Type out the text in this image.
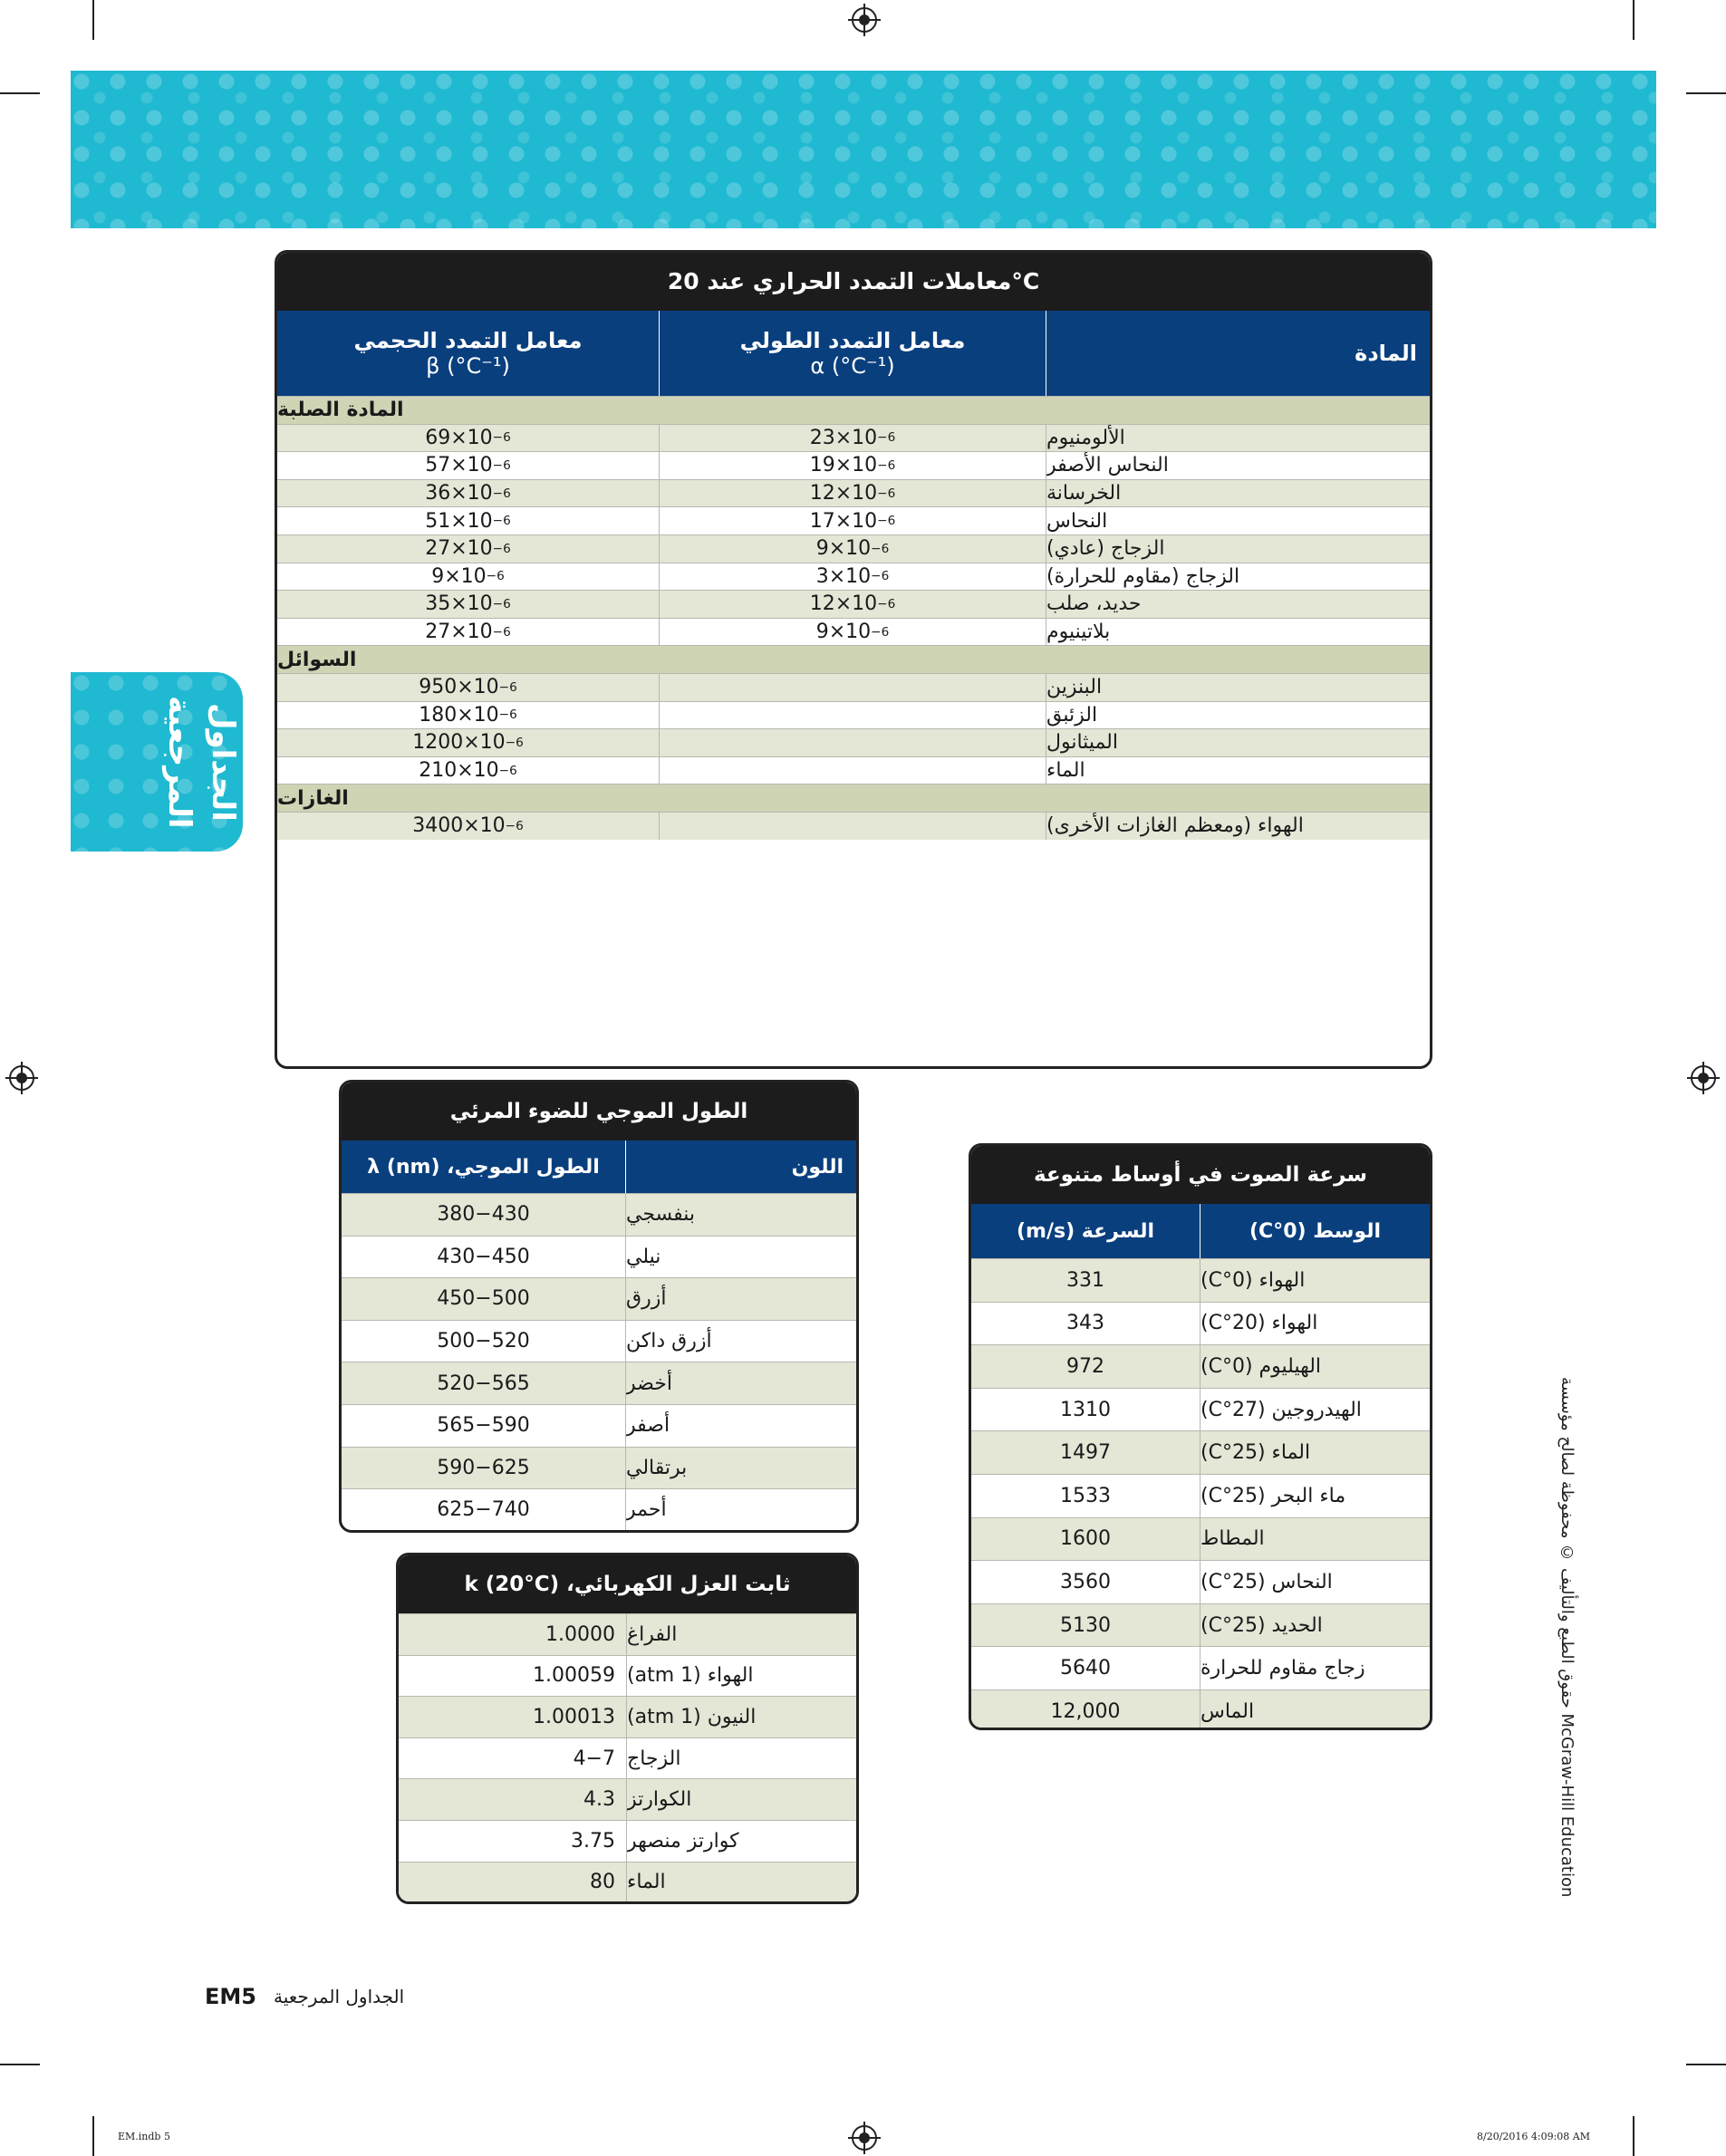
الجداول المرجعية
معاملات التمدد الحراري عند 20°C
المادة
معامل التمدد الطولي
α (°C⁻¹)
معامل التمدد الحجمي
β (°C⁻¹)
المادة الصلبة
الألومنيوم
23 ×10 −6
69 ×10 −6
النحاس الأصفر
19 ×10 −6
57 ×10 −6
الخرسانة
12 ×10 −6
36 ×10 −6
النحاس
17 ×10 −6
51 ×10 −6
الزجاج (عادي)
9 ×10 −6
27 ×10 −6
الزجاج (مقاوم للحرارة)
3 ×10 −6
9 ×10 −6
حديد، صلب
12 ×10 −6
35 ×10 −6
بلاتينيوم
9 ×10 −6
27 ×10 −6
السوائل
البنزين
950 ×10 −6
الزئبق
180 ×10 −6
الميثانول
1200 ×10 −6
الماء
210 ×10 −6
الغازات
الهواء (ومعظم الغازات الأخرى)
3400 ×10 −6
الطول الموجي للضوء المرئي
اللون
الطول الموجي، λ (nm)
بنفسجي
380−430
نيلي
430−450
أزرق
450−500
أزرق داكن
500−520
أخضر
520−565
أصفر
565−590
برتقالي
590−625
أحمر
625−740
ثابت العزل الكهربائي، k (20°C)
الفراغ
1.0000
الهواء (1 atm)
1.00059
النيون (1 atm)
1.00013
الزجاج
4−7
الكوارتز
4.3
كوارتز منصهر
3.75
الماء
80
سرعة الصوت في أوساط متنوعة
الوسط (0°C)
السرعة (m/s)
الهواء (0°C)
331
الهواء (20°C)
343
الهيليوم (0°C)
972
الهيدروجين (27°C)
1310
الماء (25°C)
1497
ماء البحر (25°C)
1533
المطاط
1600
النحاس (25°C)
3560
الحديد (25°C)
5130
زجاج مقاوم للحرارة
5640
الماس
12,000
حقوق الطبع والتأليف © محفوظة لصالح مؤسسة McGraw-Hill Education
EM5 الجداول المرجعية
EM.indb 5	8/20/2016 4:09:08 AM
